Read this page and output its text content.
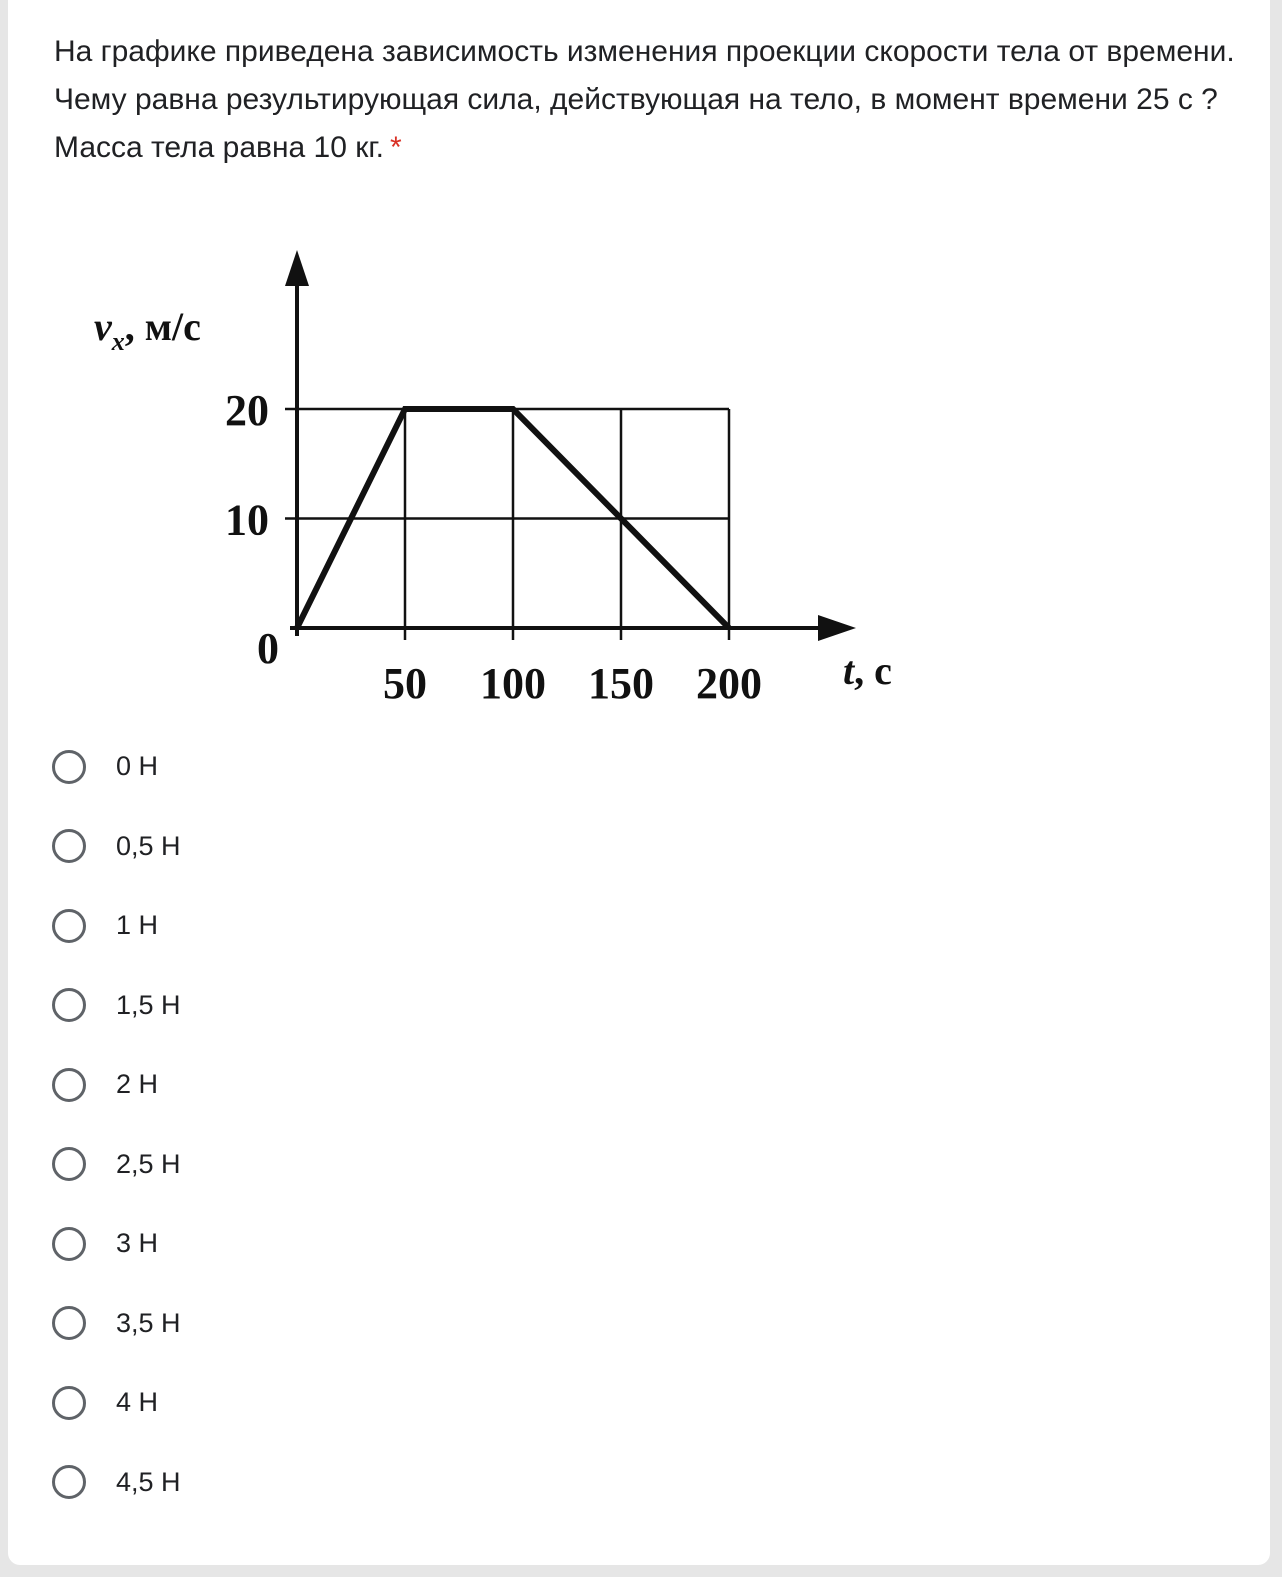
На графике приведена зависимость изменения проекции скорости тела от времени. Чему равна результирующая сила, действующая на тело, в момент времени 25 с ? Масса тела равна 10 кг. *

0
$v_x$, м/с
t, с
10
20
50 100 150 200
0 Н
0,5 Н
1 Н
1,5 Н
2 Н
2,5 Н
3 Н
3,5 Н
4 Н
4,5 Н
